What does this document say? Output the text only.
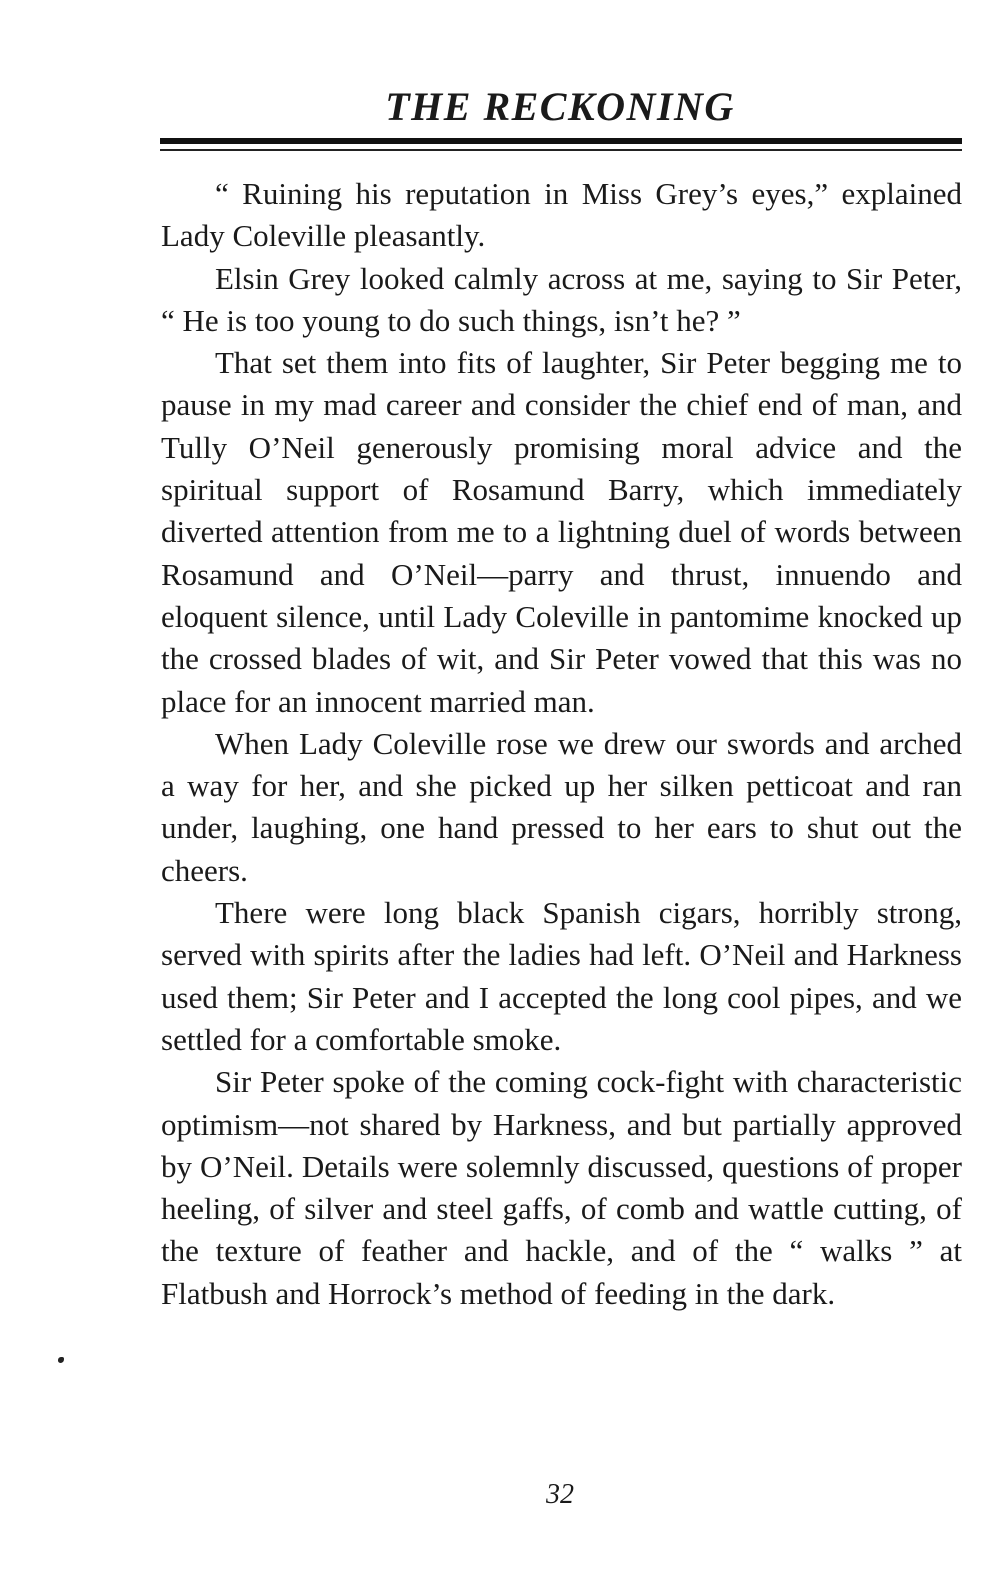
THE RECKONING

“ Ruining his reputation in Miss Grey’s eyes,” explained Lady Coleville pleasantly.

Elsin Grey looked calmly across at me, saying to Sir Peter, “ He is too young to do such things, isn’t he? ”

That set them into fits of laughter, Sir Peter begging me to pause in my mad career and consider the chief end of man, and Tully O’Neil generously promising moral advice and the spiritual support of Rosamund Barry, which immediately diverted attention from me to a lightning duel of words between Rosamund and O’Neil—parry and thrust, innuendo and eloquent silence, until Lady Coleville in pantomime knocked up the crossed blades of wit, and Sir Peter vowed that this was no place for an innocent married man.

When Lady Coleville rose we drew our swords and arched a way for her, and she picked up her silken petticoat and ran under, laughing, one hand pressed to her ears to shut out the cheers.

There were long black Spanish cigars, horribly strong, served with spirits after the ladies had left. O’Neil and Harkness used them; Sir Peter and I accepted the long cool pipes, and we settled for a comfortable smoke.

Sir Peter spoke of the coming cock-fight with characteristic optimism—not shared by Harkness, and but partially approved by O’Neil. Details were solemnly discussed, questions of proper heeling, of silver and steel gaffs, of comb and wattle cutting, of the texture of feather and hackle, and of the “ walks ” at Flatbush and Horrock’s method of feeding in the dark.

32
